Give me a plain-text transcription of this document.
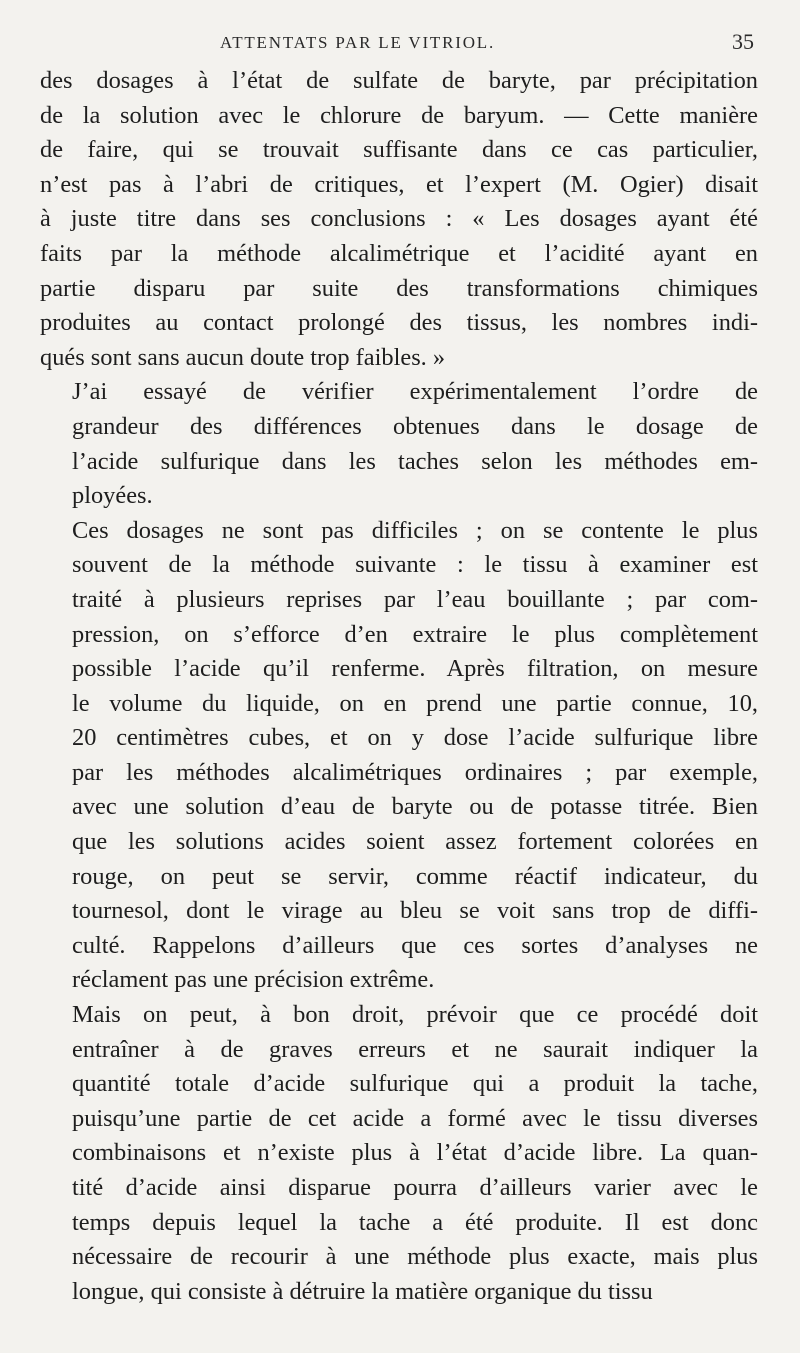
ATTENTATS PAR LE VITRIOL.	35

des dosages à l’état de sulfate de baryte, par précipitation
de la solution avec le chlorure de baryum. — Cette manière
de faire, qui se trouvait suffisante dans ce cas particulier,
n’est pas à l’abri de critiques, et l’expert (M. Ogier) disait
à juste titre dans ses conclusions : « Les dosages ayant été
faits par la méthode alcalimétrique et l’acidité ayant en
partie disparu par suite des transformations chimiques
produites au contact prolongé des tissus, les nombres indi-
qués sont sans aucun doute trop faibles. »

J’ai essayé de vérifier expérimentalement l’ordre de
grandeur des différences obtenues dans le dosage de
l’acide sulfurique dans les taches selon les méthodes em-
ployées.

Ces dosages ne sont pas difficiles ; on se contente le plus
souvent de la méthode suivante : le tissu à examiner est
traité à plusieurs reprises par l’eau bouillante ; par com-
pression, on s’efforce d’en extraire le plus complètement
possible l’acide qu’il renferme. Après filtration, on mesure
le volume du liquide, on en prend une partie connue, 10,
20 centimètres cubes, et on y dose l’acide sulfurique libre
par les méthodes alcalimétriques ordinaires ; par exemple,
avec une solution d’eau de baryte ou de potasse titrée. Bien
que les solutions acides soient assez fortement colorées en
rouge, on peut se servir, comme réactif indicateur, du
tournesol, dont le virage au bleu se voit sans trop de diffi-
culté. Rappelons d’ailleurs que ces sortes d’analyses ne
réclament pas une précision extrême.

Mais on peut, à bon droit, prévoir que ce procédé doit
entraîner à de graves erreurs et ne saurait indiquer la
quantité totale d’acide sulfurique qui a produit la tache,
puisqu’une partie de cet acide a formé avec le tissu diverses
combinaisons et n’existe plus à l’état d’acide libre. La quan-
tité d’acide ainsi disparue pourra d’ailleurs varier avec le
temps depuis lequel la tache a été produite. Il est donc
nécessaire de recourir à une méthode plus exacte, mais plus
longue, qui consiste à détruire la matière organique du tissu
